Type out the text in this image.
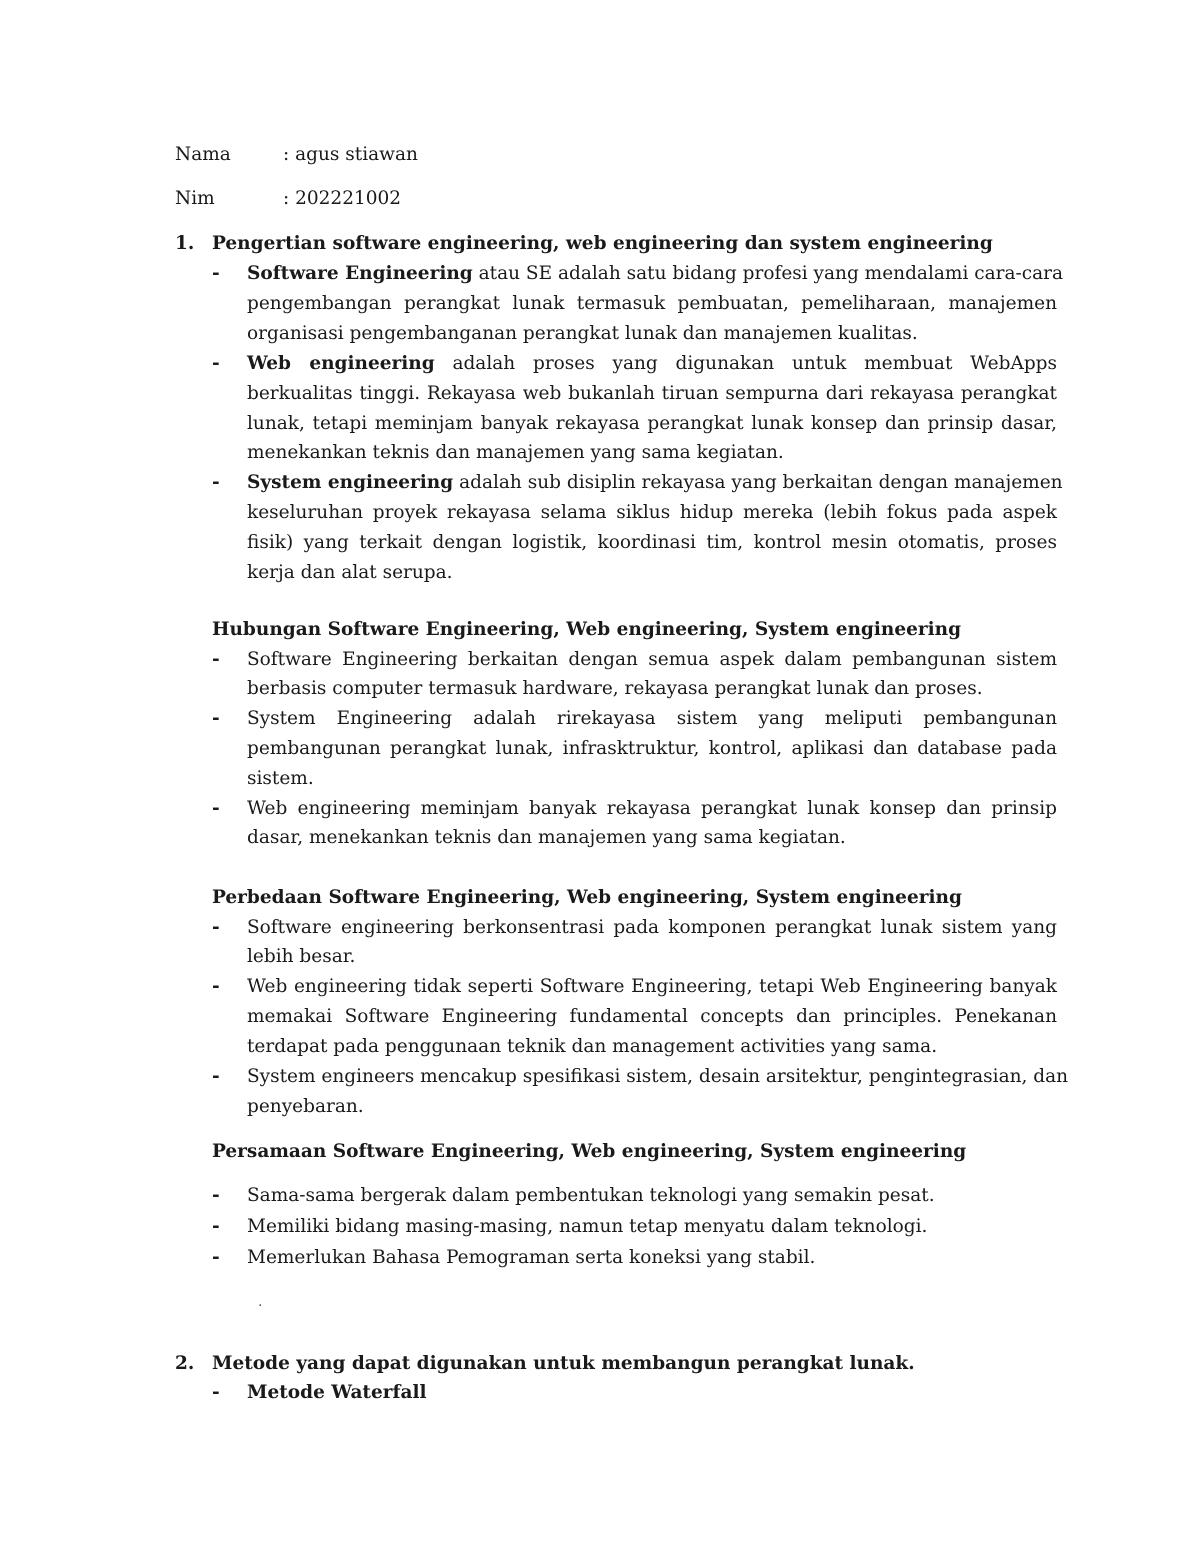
Nama	: agus stiawan
Nim	: 202221002
1. Pengertian software engineering, web engineering dan system engineering
- Software Engineering atau SE adalah satu bidang profesi yang mendalami cara-cara
pengembangan perangkat lunak termasuk pembuatan, pemeliharaan, manajemen
organisasi pengembanganan perangkat lunak dan manajemen kualitas.
- Web engineering adalah proses yang digunakan untuk membuat WebApps
berkualitas tinggi. Rekayasa web bukanlah tiruan sempurna dari rekayasa perangkat
lunak, tetapi meminjam banyak rekayasa perangkat lunak konsep dan prinsip dasar,
menekankan teknis dan manajemen yang sama kegiatan.
- System engineering adalah sub disiplin rekayasa yang berkaitan dengan manajemen
keseluruhan proyek rekayasa selama siklus hidup mereka (lebih fokus pada aspek
fisik) yang terkait dengan logistik, koordinasi tim, kontrol mesin otomatis, proses
kerja dan alat serupa.
Hubungan Software Engineering, Web engineering, System engineering
- Software Engineering berkaitan dengan semua aspek dalam pembangunan sistem
berbasis computer termasuk hardware, rekayasa perangkat lunak dan proses.
- System Engineering adalah rirekayasa sistem yang meliputi pembangunan
pembangunan perangkat lunak, infrasktruktur, kontrol, aplikasi dan database pada
sistem.
- Web engineering meminjam banyak rekayasa perangkat lunak konsep dan prinsip
dasar, menekankan teknis dan manajemen yang sama kegiatan.
Perbedaan Software Engineering, Web engineering, System engineering
- Software engineering berkonsentrasi pada komponen perangkat lunak sistem yang
lebih besar.
- Web engineering tidak seperti Software Engineering, tetapi Web Engineering banyak
memakai Software Engineering fundamental concepts dan principles. Penekanan
terdapat pada penggunaan teknik dan management activities yang sama.
- System engineers mencakup spesifikasi sistem, desain arsitektur, pengintegrasian, dan
penyebaran.
Persamaan Software Engineering, Web engineering, System engineering
- Sama-sama bergerak dalam pembentukan teknologi yang semakin pesat.
- Memiliki bidang masing-masing, namun tetap menyatu dalam teknologi.
- Memerlukan Bahasa Pemograman serta koneksi yang stabil.
.
2. Metode yang dapat digunakan untuk membangun perangkat lunak.
- Metode Waterfall
